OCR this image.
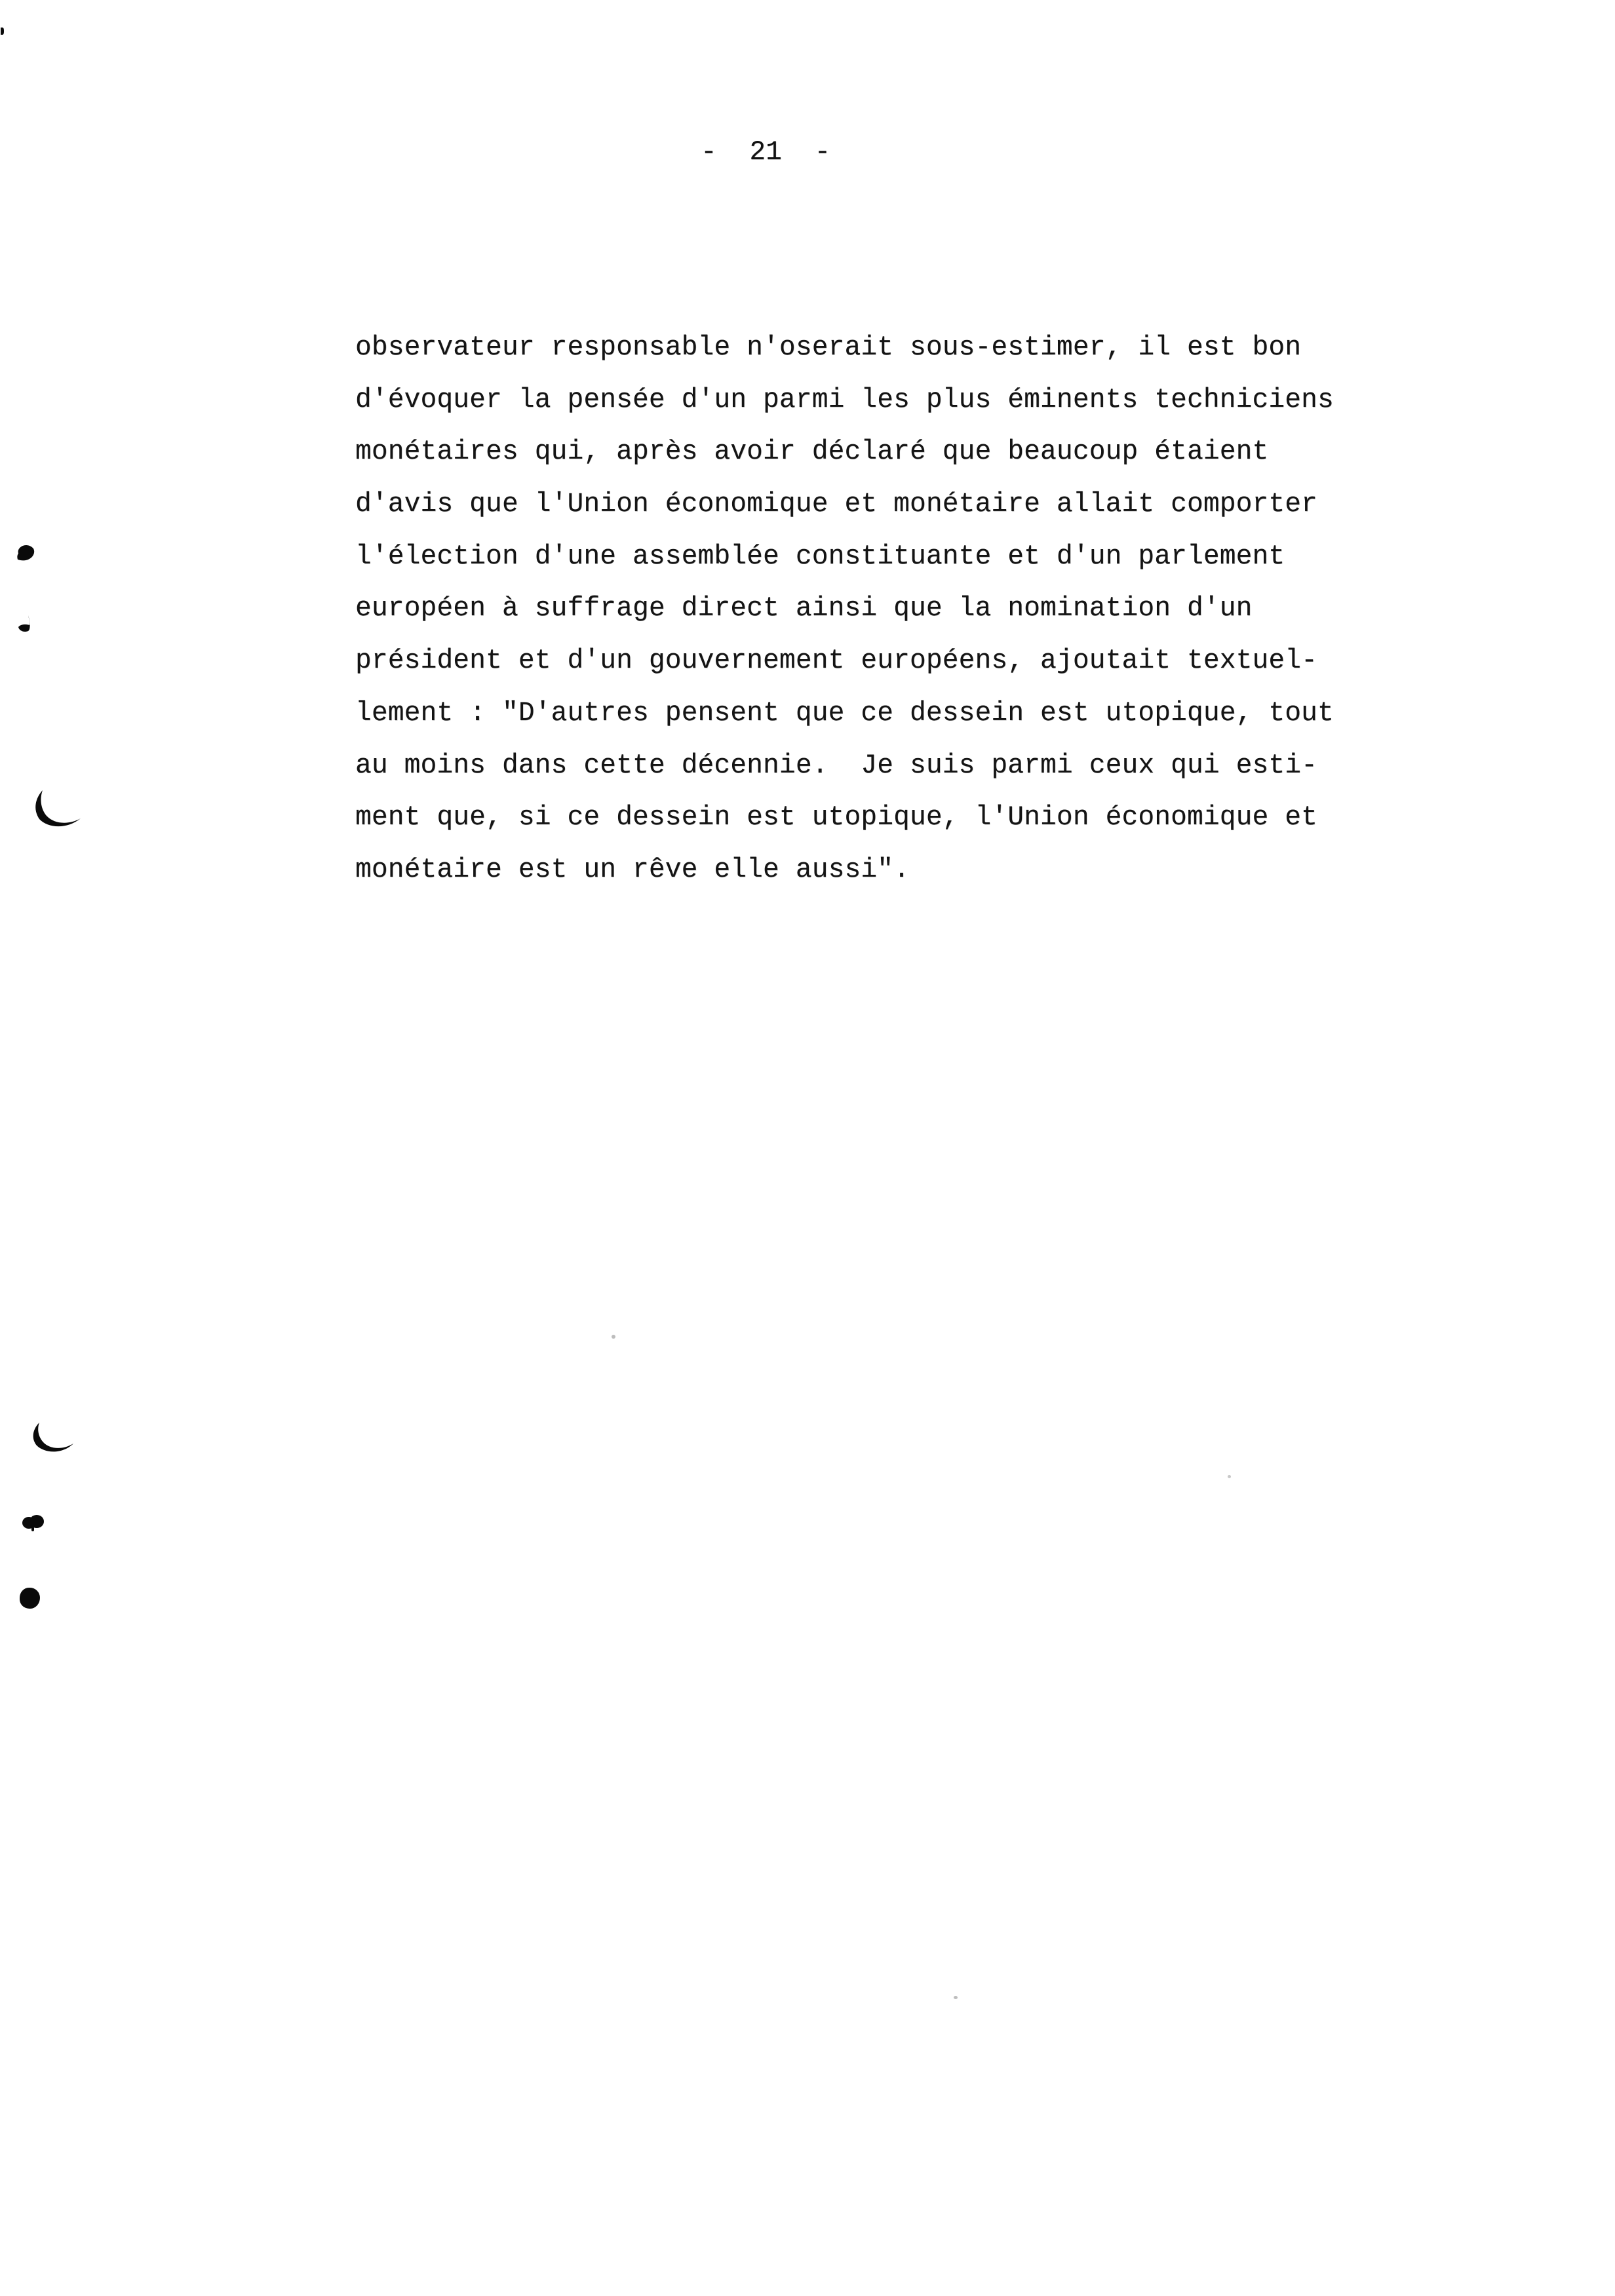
- 21 -
observateur responsable n'oserait sous-estimer, il est bon
d'évoquer la pensée d'un parmi les plus éminents techniciens
monétaires qui, après avoir déclaré que beaucoup étaient
d'avis que l'Union économique et monétaire allait comporter
l'élection d'une assemblée constituante et d'un parlement
européen à suffrage direct ainsi que la nomination d'un
président et d'un gouvernement européens, ajoutait textuel-
lement : "D'autres pensent que ce dessein est utopique, tout
au moins dans cette décennie.  Je suis parmi ceux qui esti-
ment que, si ce dessein est utopique, l'Union économique et
monétaire est un rêve elle aussi".
